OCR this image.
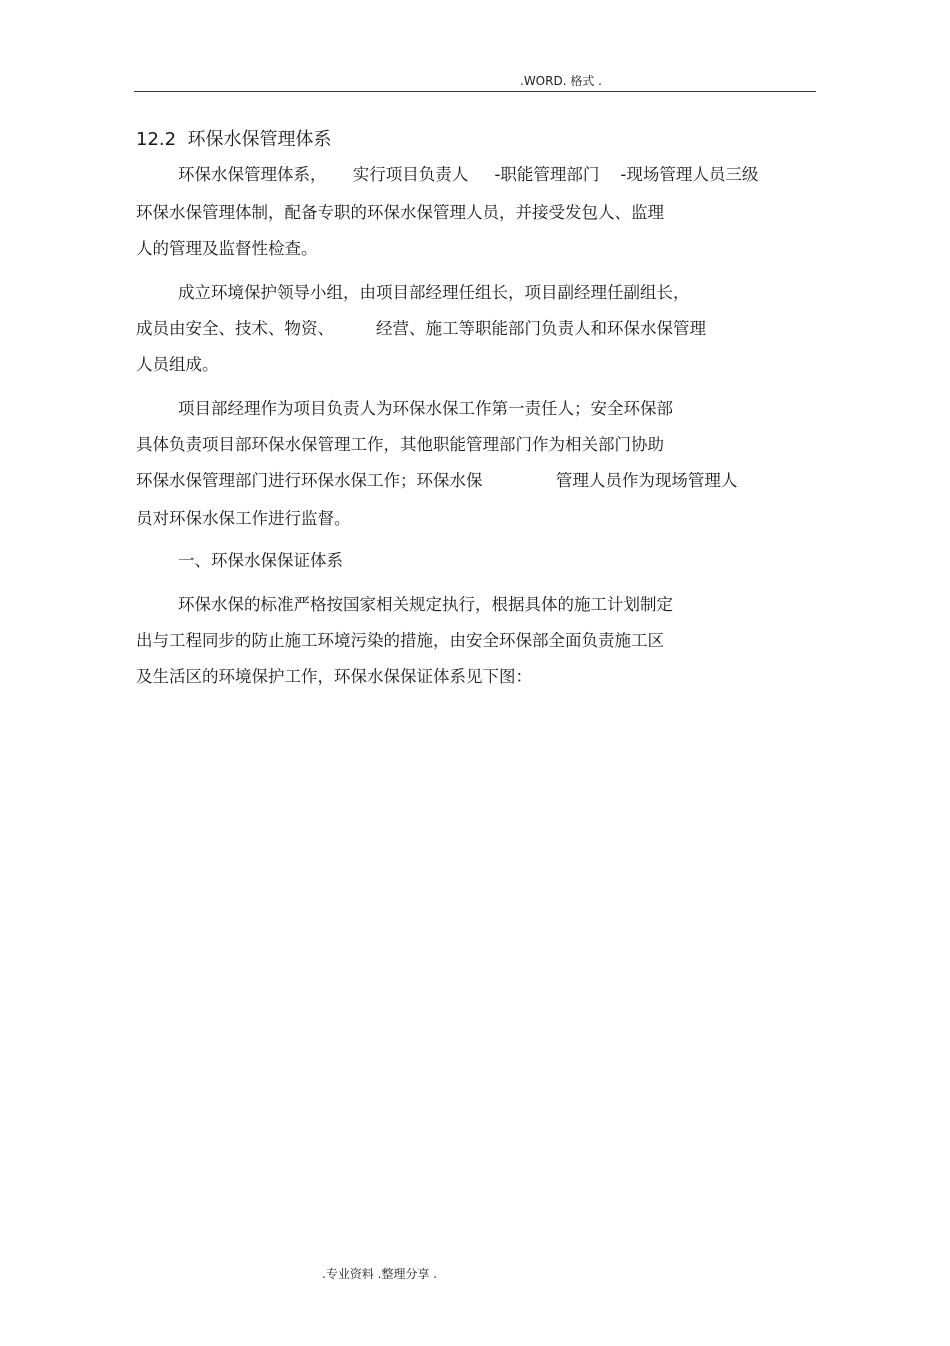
.WORD. 格式 .
12.2  环保水保管理体系
环保水保管理体系，     实行项目负责人     -职能管理部门    -现场管理人员三级
环保水保管理体制，配备专职的环保水保管理人员，并接受发包人、监理
人的管理及监督性检查。
成立环境保护领导小组，由项目部经理任组长，项目副经理任副组长，
成员由安全、技术、物资、        经营、施工等职能部门负责人和环保水保管理
人员组成。
项目部经理作为项目负责人为环保水保工作第一责任人；安全环保部
具体负责项目部环保水保管理工作，其他职能管理部门作为相关部门协助
环保水保管理部门进行环保水保工作；环保水保              管理人员作为现场管理人
员对环保水保工作进行监督。
一、环保水保保证体系
环保水保的标准严格按国家相关规定执行，根据具体的施工计划制定
出与工程同步的防止施工环境污染的措施，由安全环保部全面负责施工区
及生活区的环境保护工作，环保水保保证体系见下图：
.专业资料 .整理分享 .
